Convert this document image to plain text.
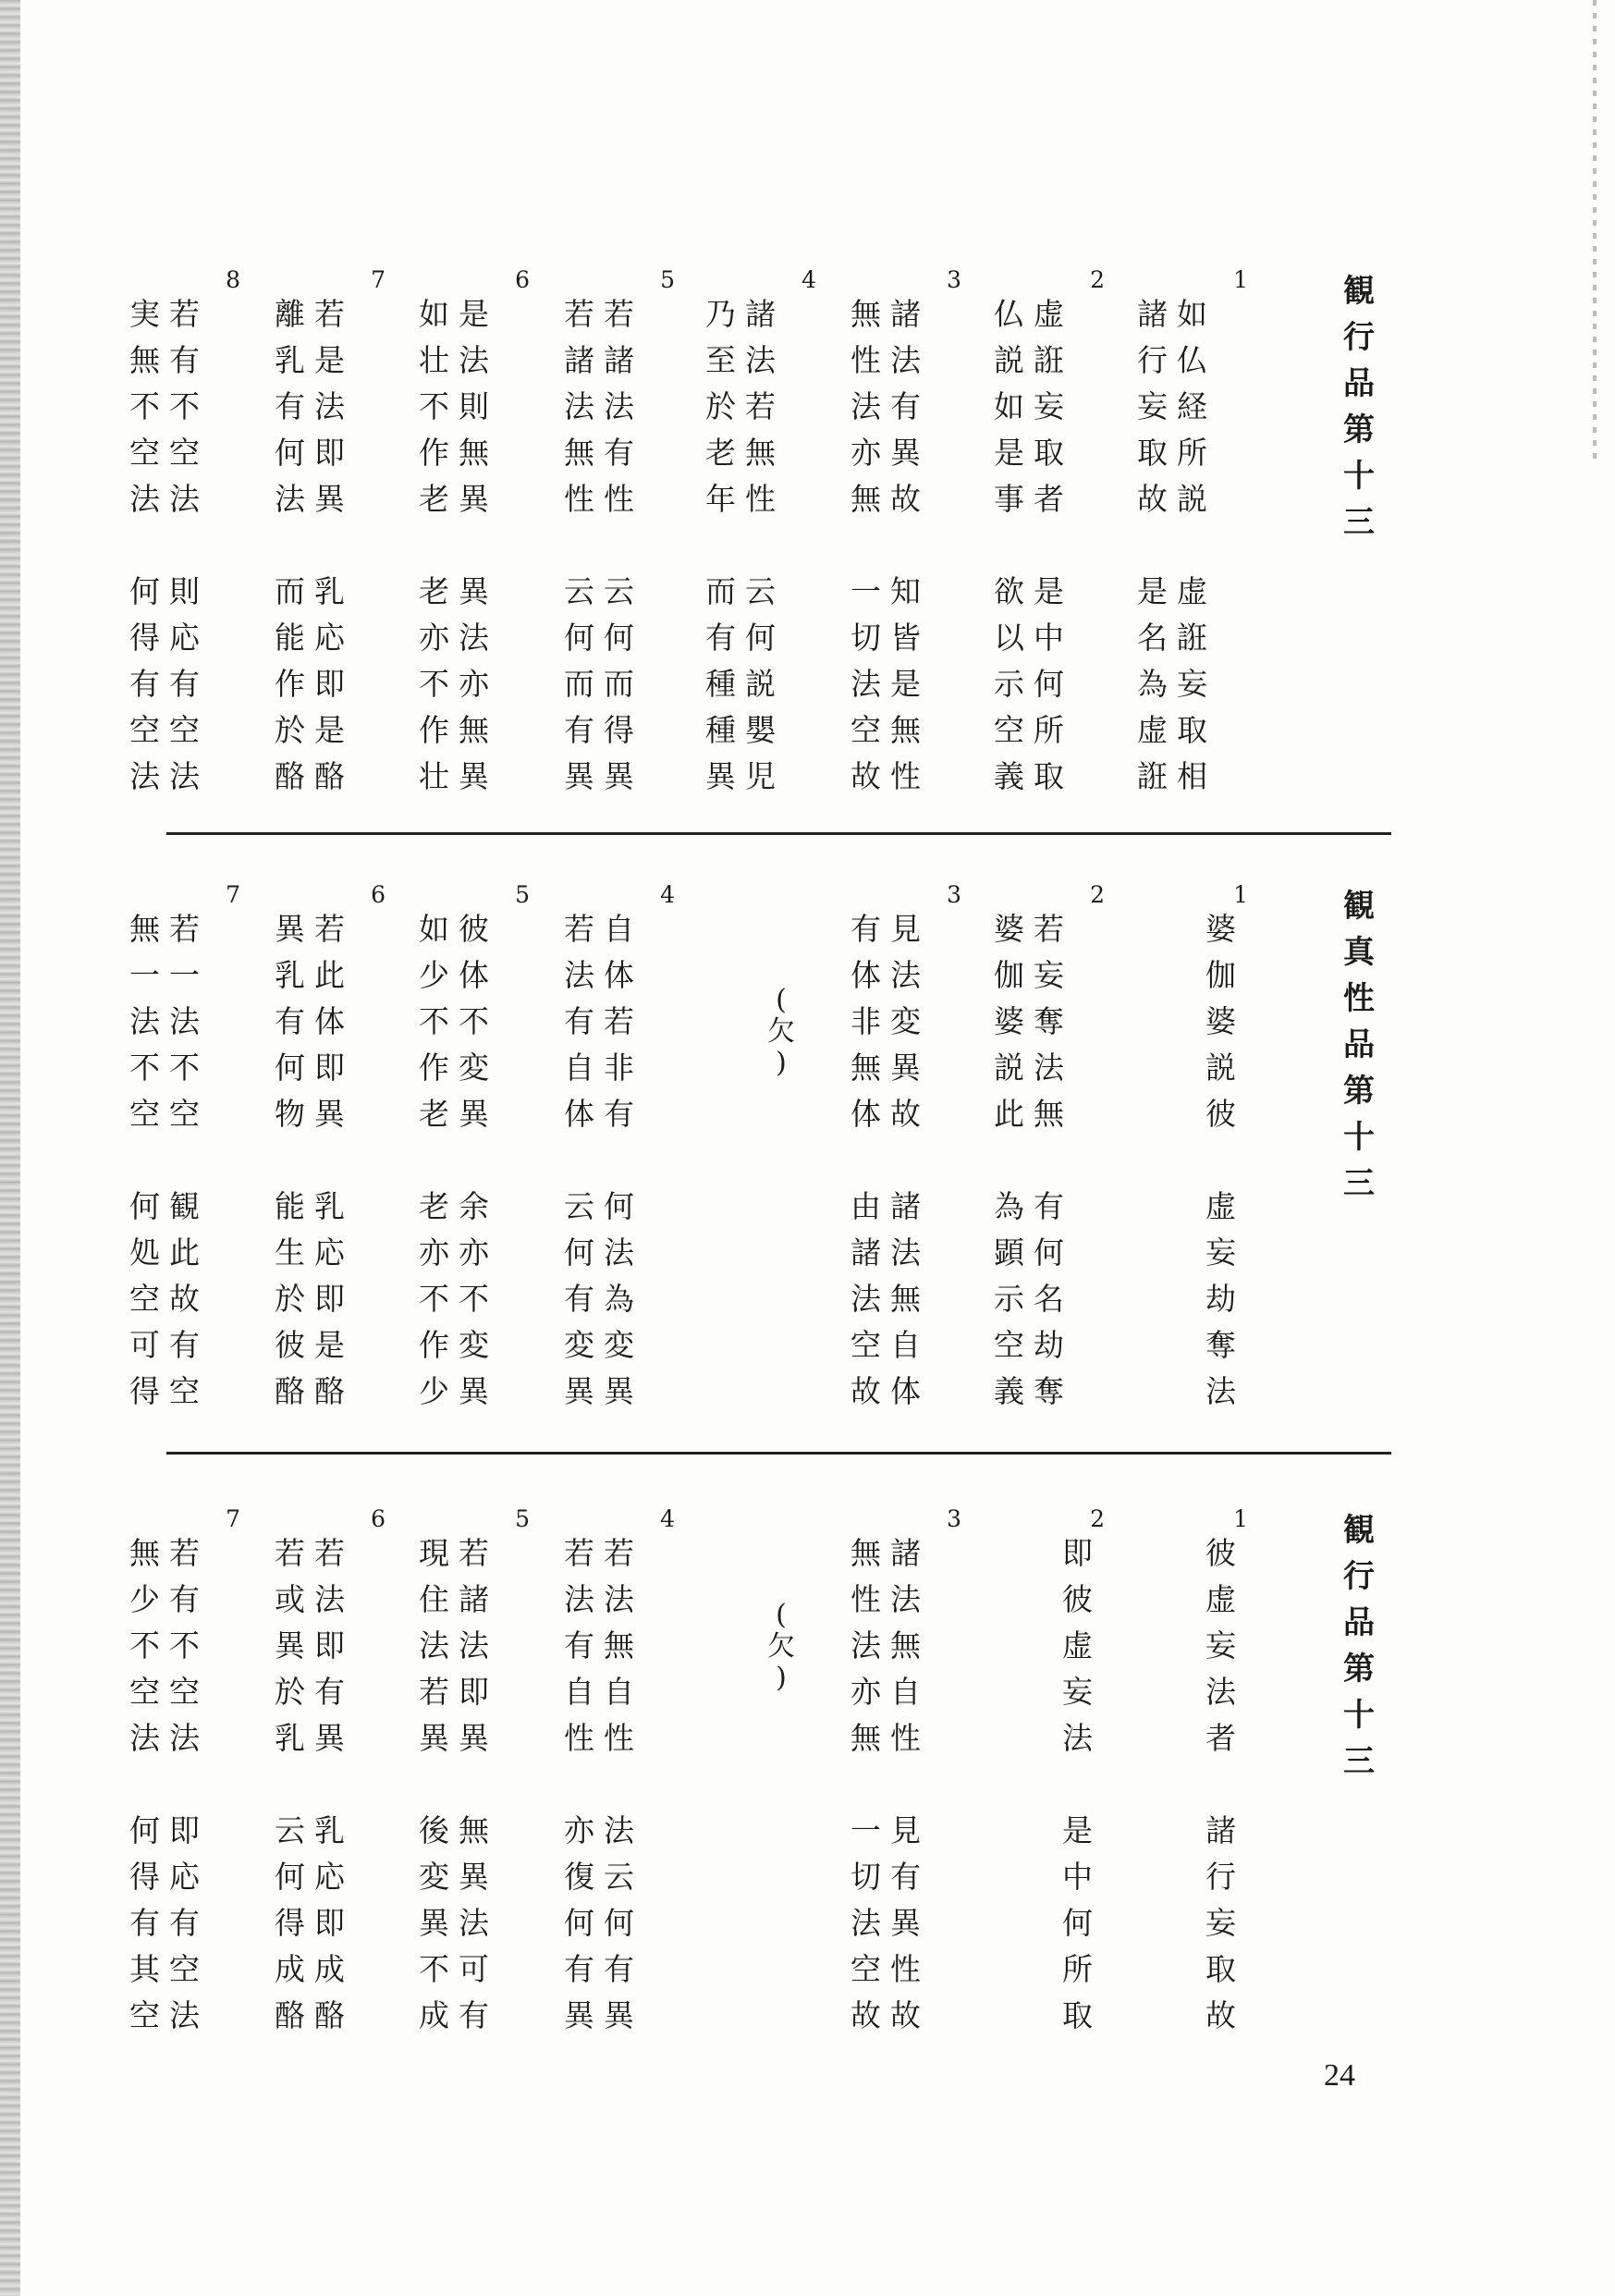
観
行
品
第
十
三
1
諸如
行仏
妄経
取所
故説
是虚
名誑
為妄
虚取
誑相
2
仏虚
説誑
如妄
是取
事者
欲是
以中
示何
空所
義取
3
無諸
性法
法有
亦異
無故
一知
切皆
法是
空無
故性
4
乃諸
至法
於若
老無
年性
而云
有何
種説
種嬰
異児
5
若若
諸諸
法法
無有
性性
云云
何何
而而
有得
異異
6
如是
壮法
不則
作無
老異
老異
亦法
不亦
作無
壮異
7
離若
乳是
有法
何即
法異
而乳
能応
作即
於是
酪酪
8
実若
無有
不不
空空
法法
何則
得応
有有
空空
法法
観
真
性
品
第
十
三
1
婆
伽
婆
説
彼
虚
妄
劫
奪
法
2
婆若
伽妄
婆奪
説法
此無
為有
顕何
示名
空劫
義奪
3
有見
体法
非変
無異
体故
由諸
諸法
法無
空自
故体
(
欠
)
4
若自
法体
有若
自非
体有
云何
何法
有為
変変
異異
5
如彼
少体
不不
作変
老異
老余
亦亦
不不
作変
少異
6
異若
乳此
有体
何即
物異
能乳
生応
於即
彼是
酪酪
7
無若
一一
法法
不不
空空
何観
処此
空故
可有
得空
観
行
品
第
十
三
1
彼
虚
妄
法
者
諸
行
妄
取
故
2
即
彼
虚
妄
法
是
中
何
所
取
3
無諸
性法
法無
亦自
無性
一見
切有
法異
空性
故故
(
欠
)
4
若若
法法
有無
自自
性性
亦法
復云
何何
有有
異異
5
現若
住諸
法法
若即
異異
後無
変異
異法
不可
成有
6
若若
或法
異即
於有
乳異
云乳
何応
得即
成成
酪酪
7
無若
少有
不不
空空
法法
何即
得応
有有
其空
空法
24
